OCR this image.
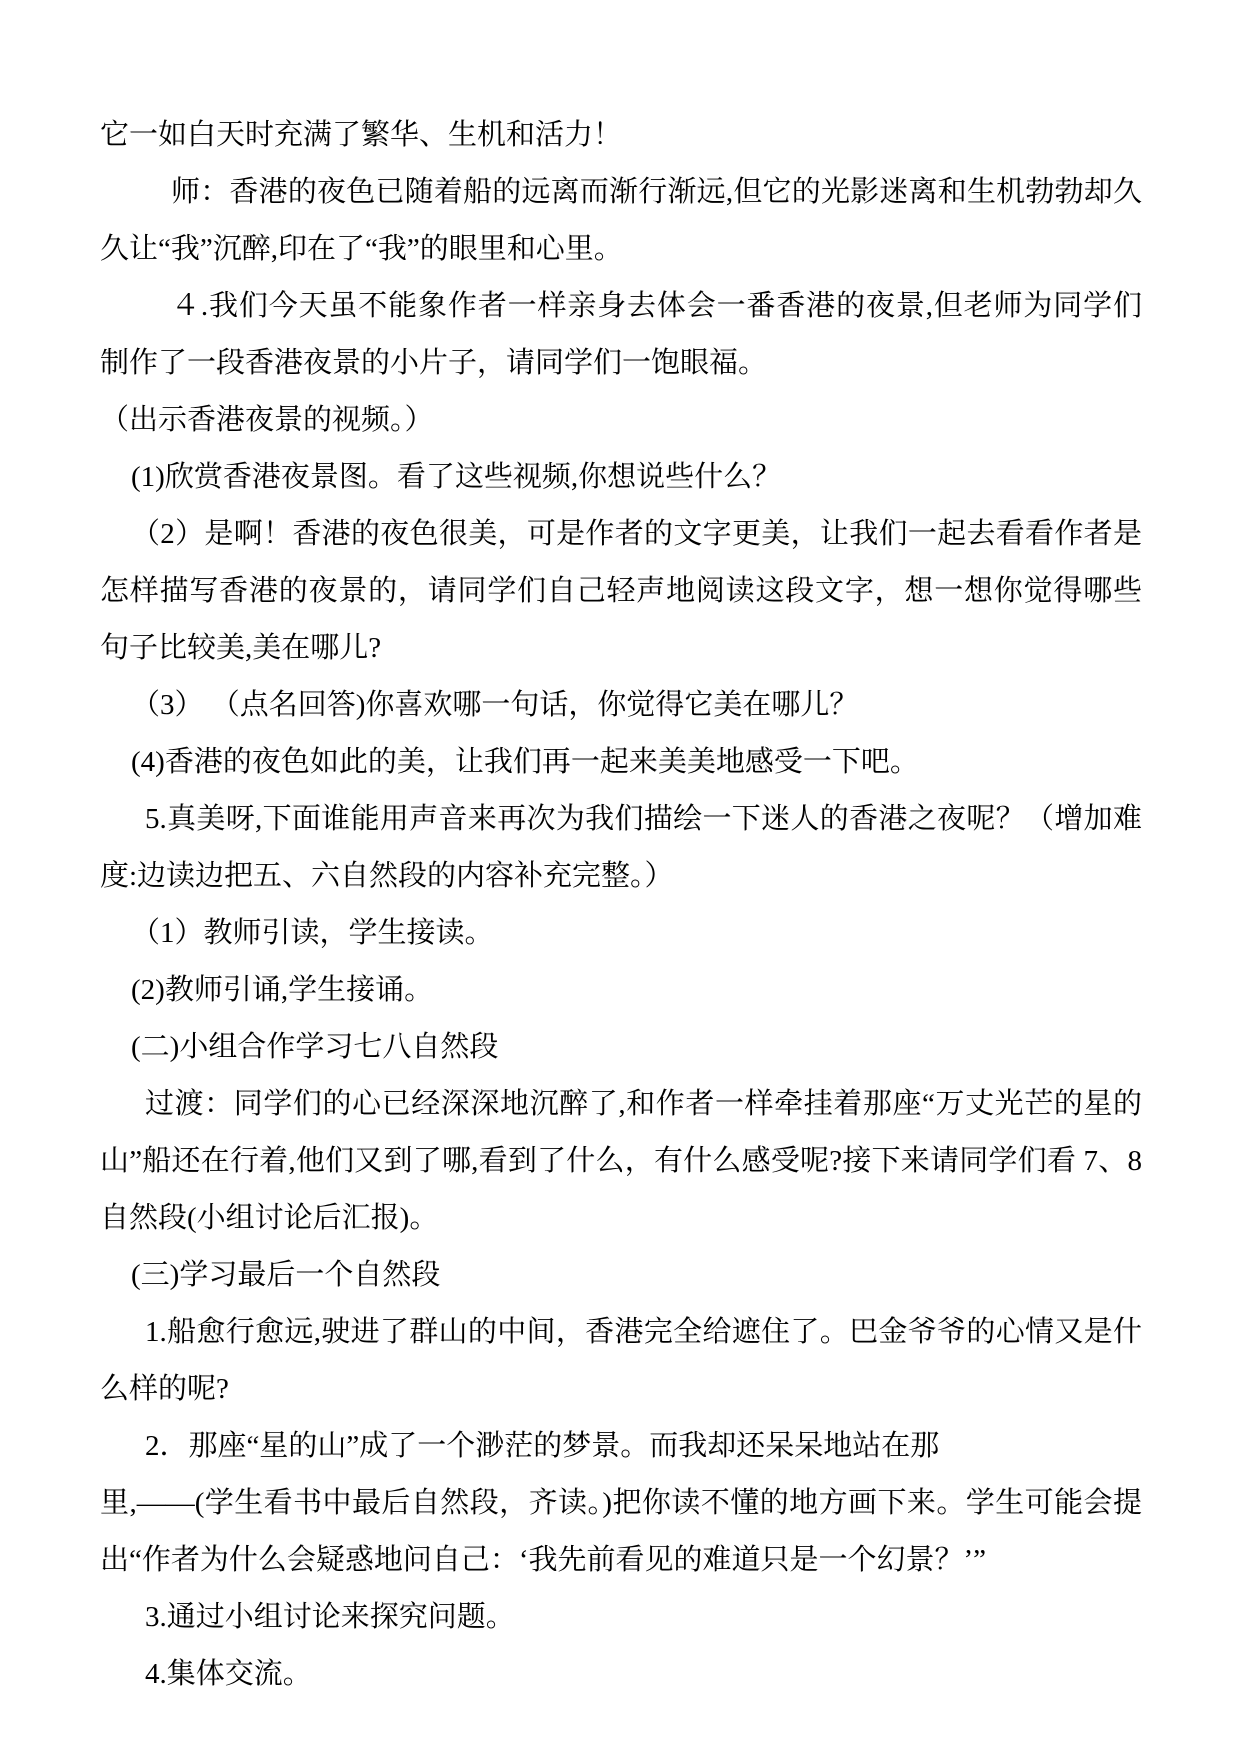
它一如白天时充满了繁华、生机和活力！

师：香港的夜色已随着船的远离而渐行渐远,但它的光影迷离和生机勃勃却久久让“我”沉醉,印在了“我”的眼里和心里。

４.我们今天虽不能象作者一样亲身去体会一番香港的夜景,但老师为同学们制作了一段香港夜景的小片子，请同学们一饱眼福。

（出示香港夜景的视频。）

(1)欣赏香港夜景图。看了这些视频,你想说些什么？

（2）是啊！香港的夜色很美，可是作者的文字更美，让我们一起去看看作者是怎样描写香港的夜景的，请同学们自己轻声地阅读这段文字，想一想你觉得哪些句子比较美,美在哪儿?

（3） （点名回答)你喜欢哪一句话，你觉得它美在哪儿？

(4)香港的夜色如此的美，让我们再一起来美美地感受一下吧。

5.真美呀,下面谁能用声音来再次为我们描绘一下迷人的香港之夜呢？（增加难度:边读边把五、六自然段的内容补充完整。）

（1）教师引读，学生接读。

(2)教师引诵,学生接诵。

(二)小组合作学习七八自然段

过渡：同学们的心已经深深地沉醉了,和作者一样牵挂着那座“万丈光芒的星的山”船还在行着,他们又到了哪,看到了什么，有什么感受呢?接下来请同学们看 7、8 自然段(小组讨论后汇报)。

(三)学习最后一个自然段

1.船愈行愈远,驶进了群山的中间，香港完全给遮住了。巴金爷爷的心情又是什么样的呢?

2．那座“星的山”成了一个渺茫的梦景。而我却还呆呆地站在那

里,——(学生看书中最后自然段，齐读。)把你读不懂的地方画下来。学生可能会提出“作者为什么会疑惑地问自己：‘我先前看见的难道只是一个幻景？’”

3.通过小组讨论来探究问题。

4.集体交流。
